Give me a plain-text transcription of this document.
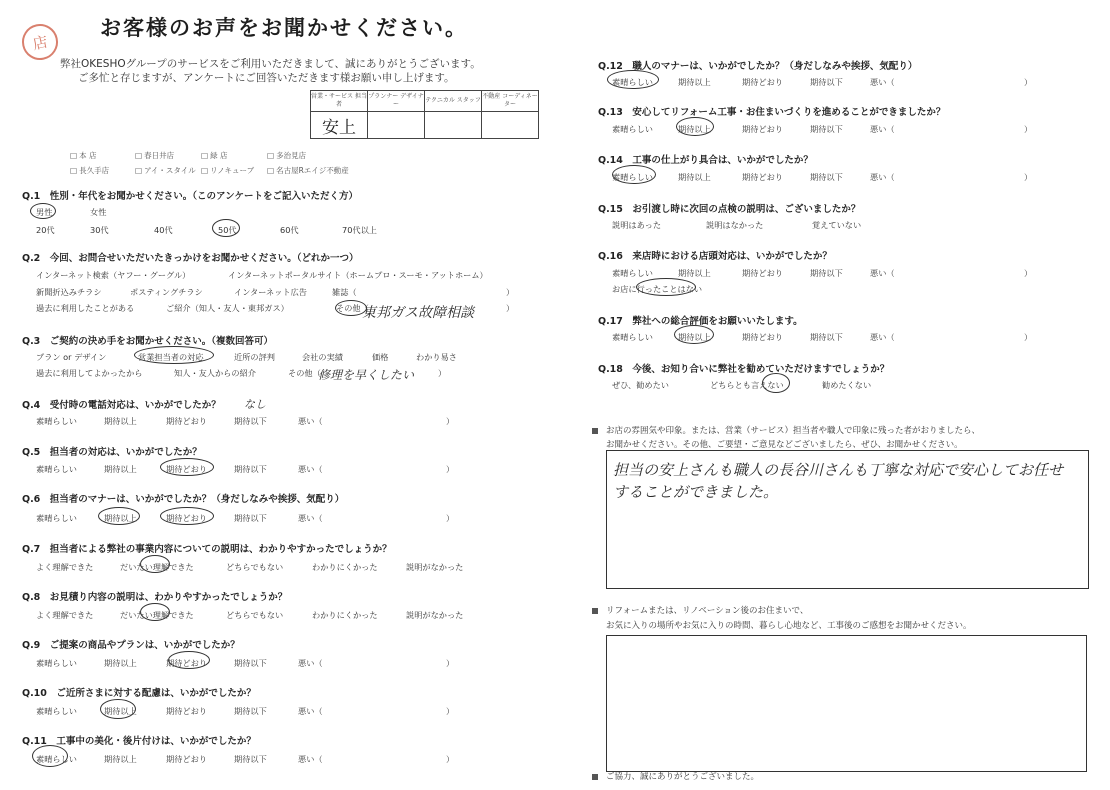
店
お客様のお声をお聞かせください。
弊社OKESHOグループのサービスをご利用いただきまして、誠にありがとうございます。
ご多忙と存じますが、アンケートにご回答いただきます様お願い申し上げます。
営業・サービス 担当者	プランナー デザイナー	テクニカル スタッフ	不動産 コーディネーター
安上			
□ 本 店	□ 春日井店	□ 緑 店	□ 多治見店
□ 長久手店	□ アイ・スタイル	□ リノキューブ	□ 名古屋Rエイジ不動産
Q.1　性別・年代をお聞かせください。（このアンケートをご記入いただく方）
男性	女性
20代	30代	40代	50代	60代	70代以上
Q.2　今回、お問合せいただいたきっかけをお聞かせください。（どれか一つ）
インターネット検索（ヤフー・グーグル）	インターネットポータルサイト（ホームプロ・スーモ・アットホーム）
新聞折込みチラシ	ポスティングチラシ	インターネット広告	雑誌（	）
過去に利用したことがある	ご紹介（知人・友人・東邦ガス）	その他（	）
東邦ガス故障相談
Q.3　ご契約の決め手をお聞かせください。（複数回答可）
プラン or デザイン	営業担当者の対応	近所の評判	会社の実績	価格	わかり易さ
過去に利用してよかったから	知人・友人からの紹介	その他（	）
修理を早くしたい
Q.4　受付時の電話対応は、いかがでしたか？ なし
素晴らしい	期待以上	期待どおり	期待以下	悪い（	）
Q.5　担当者の対応は、いかがでしたか？
素晴らしい	期待以上	期待どおり	期待以下	悪い（	）
Q.6　担当者のマナーは、いかがでしたか？（身だしなみや挨拶、気配り）
素晴らしい	期待以上	期待どおり	期待以下	悪い（	）
Q.7　担当者による弊社の事業内容についての説明は、わかりやすかったでしょうか？
よく理解できた	だいたい理解できた	どちらでもない	わかりにくかった	説明がなかった
Q.8　お見積り内容の説明は、わかりやすかったでしょうか？
よく理解できた	だいたい理解できた	どちらでもない	わかりにくかった	説明がなかった
Q.9　ご提案の商品やプランは、いかがでしたか？
素晴らしい	期待以上	期待どおり	期待以下	悪い（	）
Q.10　ご近所さまに対する配慮は、いかがでしたか？
素晴らしい	期待以上	期待どおり	期待以下	悪い（	）
Q.11　工事中の美化・後片付けは、いかがでしたか？
素晴らしい	期待以上	期待どおり	期待以下	悪い（	）
Q.12　職人のマナーは、いかがでしたか？（身だしなみや挨拶、気配り）
素晴らしい	期待以上	期待どおり	期待以下	悪い（	）
Q.13　安心してリフォーム工事・お住まいづくりを進めることができましたか？
素晴らしい	期待以上	期待どおり	期待以下	悪い（	）
Q.14　工事の仕上がり具合は、いかがでしたか？
素晴らしい	期待以上	期待どおり	期待以下	悪い（	）
Q.15　お引渡し時に次回の点検の説明は、ございましたか？
説明はあった	説明はなかった	覚えていない
Q.16　来店時における店頭対応は、いかがでしたか？
素晴らしい	期待以上	期待どおり	期待以下	悪い（	）
お店に行ったことはない
Q.17　弊社への総合評価をお願いいたします。
素晴らしい	期待以上	期待どおり	期待以下	悪い（	）
Q.18　今後、お知り合いに弊社を勧めていただけますでしょうか？
ぜひ、勧めたい	どちらとも言えない	勧めたくない
お店の雰囲気や印象。または、営業（サービス）担当者や職人で印象に残った者がおりましたら、
お聞かせください。その他、ご要望・ご意見などございましたら、ぜひ、お聞かせください。
担当の安上さんも職人の長谷川さんも丁寧な対応で安心してお任せ
することができました。
リフォームまたは、リノベーション後のお住まいで、
お気に入りの場所やお気に入りの時間、暮らし心地など、工事後のご感想をお聞かせください。
ご協力、誠にありがとうございました。
